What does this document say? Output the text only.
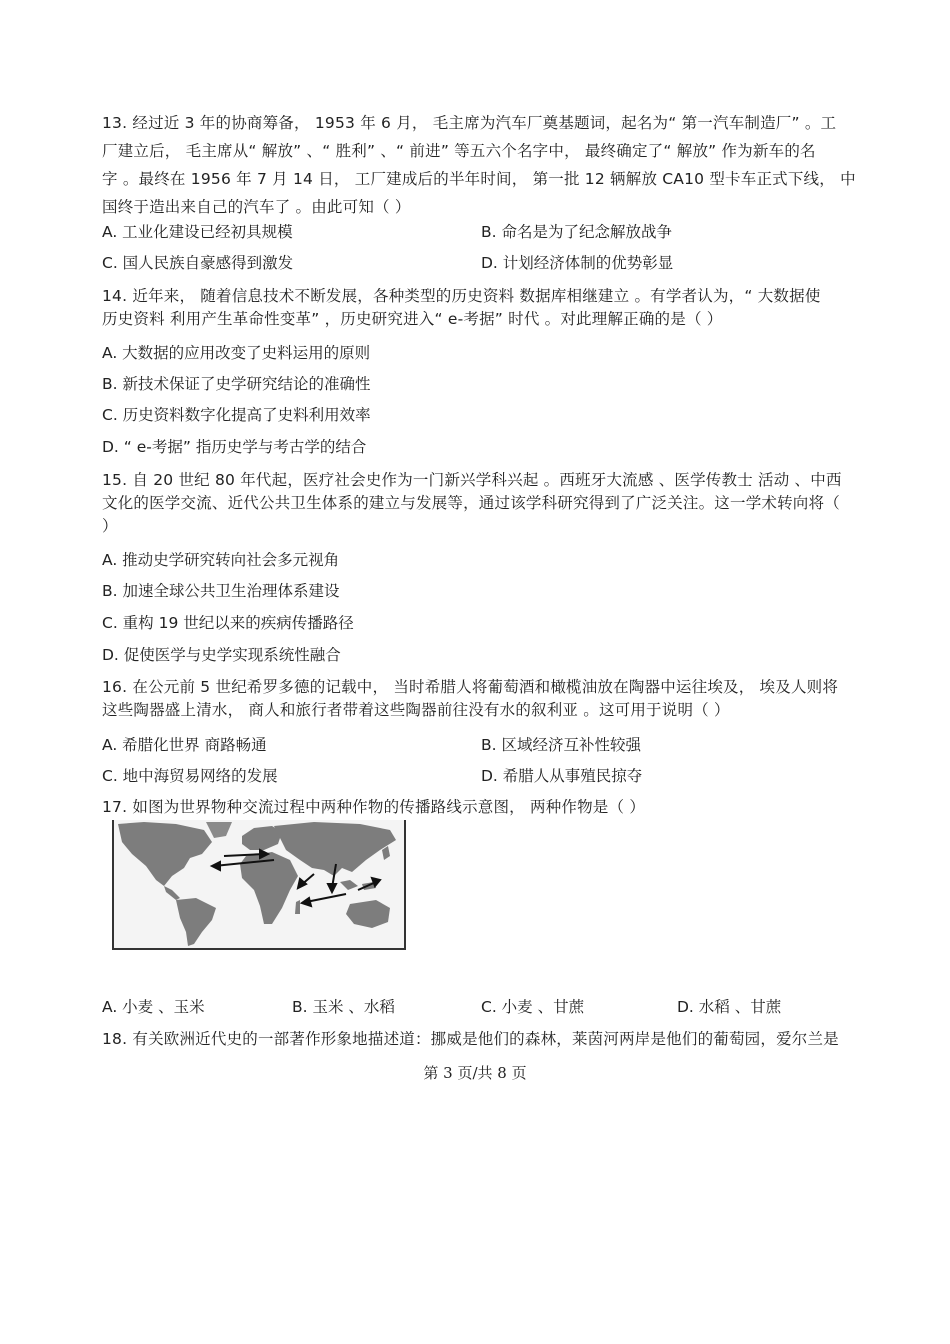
13. 经过近 3 年的协商筹备， 1953 年 6 月， 毛主席为汽车厂奠基题词，起名为“ 第一汽车制造厂” 。工
厂建立后， 毛主席从“ 解放” 、“ 胜利” 、“ 前进” 等五六个名字中， 最终确定了“ 解放” 作为新车的名
字 。最终在 1956 年 7 月 14 日， 工厂建成后的半年时间， 第一批 12 辆解放 CA10 型卡车正式下线， 中
国终于造出来自己的汽车了 。由此可知（ ）
A. 工业化建设已经初具规模	B. 命名是为了纪念解放战争
C. 国人民族自豪感得到激发	D. 计划经济体制的优势彰显
14. 近年来， 随着信息技术不断发展，各种类型的历史资料 数据库相继建立 。有学者认为，“ 大数据使
历史资料 利用产生革命性变革” ，历史研究进入“ e-考据” 时代 。对此理解正确的是（ ）
A. 大数据的应用改变了史料运用的原则
B. 新技术保证了史学研究结论的准确性
C. 历史资料数字化提高了史料利用效率
D. “ e-考据” 指历史学与考古学的结合
15. 自 20 世纪 80 年代起，医疗社会史作为一门新兴学科兴起 。西班牙大流感 、医学传教士 活动 、中西
文化的医学交流、近代公共卫生体系的建立与发展等，通过该学科研究得到了广泛关注。这一学术转向将（
）
A. 推动史学研究转向社会多元视角
B. 加速全球公共卫生治理体系建设
C. 重构 19 世纪以来的疾病传播路径
D. 促使医学与史学实现系统性融合
16. 在公元前 5 世纪希罗多德的记载中， 当时希腊人将葡萄酒和橄榄油放在陶器中运往埃及， 埃及人则将
这些陶器盛上清水， 商人和旅行者带着这些陶器前往没有水的叙利亚 。这可用于说明（ ）
A. 希腊化世界 商路畅通	B. 区域经济互补性较强
C. 地中海贸易网络的发展	D. 希腊人从事殖民掠夺
17. 如图为世界物种交流过程中两种作物的传播路线示意图， 两种作物是（ ）
A. 小麦 、玉米	B. 玉米 、水稻	C. 小麦 、甘蔗	D. 水稻 、甘蔗
18. 有关欧洲近代史的一部著作形象地描述道：挪威是他们的森林，莱茵河两岸是他们的葡萄园，爱尔兰是
第 3 页/共 8 页
